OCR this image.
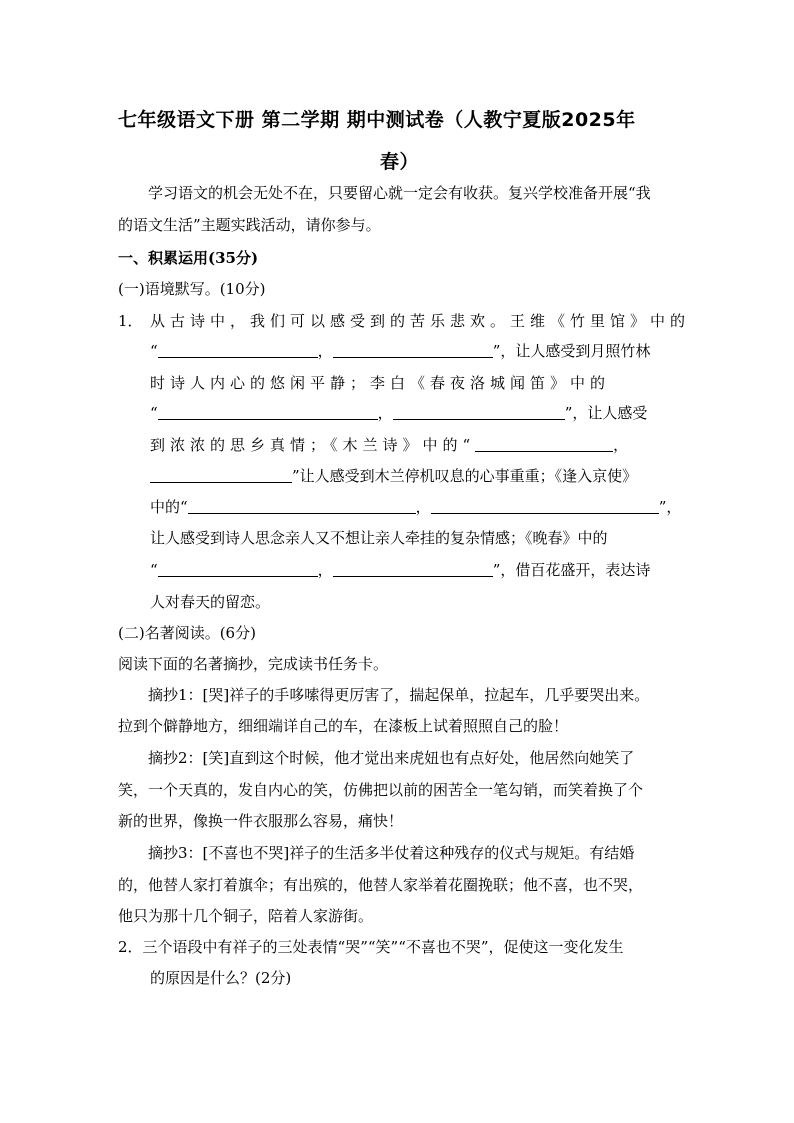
七年级语文下册 第二学期 期中测试卷（人教宁夏版2025年
春）
学习语文的机会无处不在，只要留心就一定会有收获。复兴学校准备开展“我
的语文生活”主题实践活动，请你参与。
一、积累运用(35分)
(一)语境默写。(10分)
1． 从古诗中，我们可以感受到的苦乐悲欢。王维《竹里馆》中的
“	，	”，让人感受到月照竹林
时诗人内心的悠闲平静；李白《春夜洛城闻笛》中的
“	，	”，让人感受
到浓浓的思乡真情；《木兰诗》中的“	，
”让人感受到木兰停机叹息的心事重重；《逢入京使》
中的“	，	”，
让人感受到诗人思念亲人又不想让亲人牵挂的复杂情感；《晚春》中的
“	，	”，借百花盛开，表达诗
人对春天的留恋。
(二)名著阅读。(6分)
阅读下面的名著摘抄，完成读书任务卡。
摘抄1：[哭]祥子的手哆嗦得更厉害了，揣起保单，拉起车，几乎要哭出来。
拉到个僻静地方，细细端详自己的车，在漆板上试着照照自己的脸！
摘抄2：[笑]直到这个时候，他才觉出来虎妞也有点好处，他居然向她笑了
笑，一个天真的，发自内心的笑，仿佛把以前的困苦全一笔勾销，而笑着换了个
新的世界，像换一件衣服那么容易，痛快！
摘抄3：[不喜也不哭]祥子的生活多半仗着这种残存的仪式与规矩。有结婚
的，他替人家打着旗伞；有出殡的，他替人家举着花圈挽联；他不喜，也不哭，
他只为那十几个铜子，陪着人家游街。
2．三个语段中有祥子的三处表情“哭”“笑”“不喜也不哭”，促使这一变化发生
的原因是什么？(2分)
